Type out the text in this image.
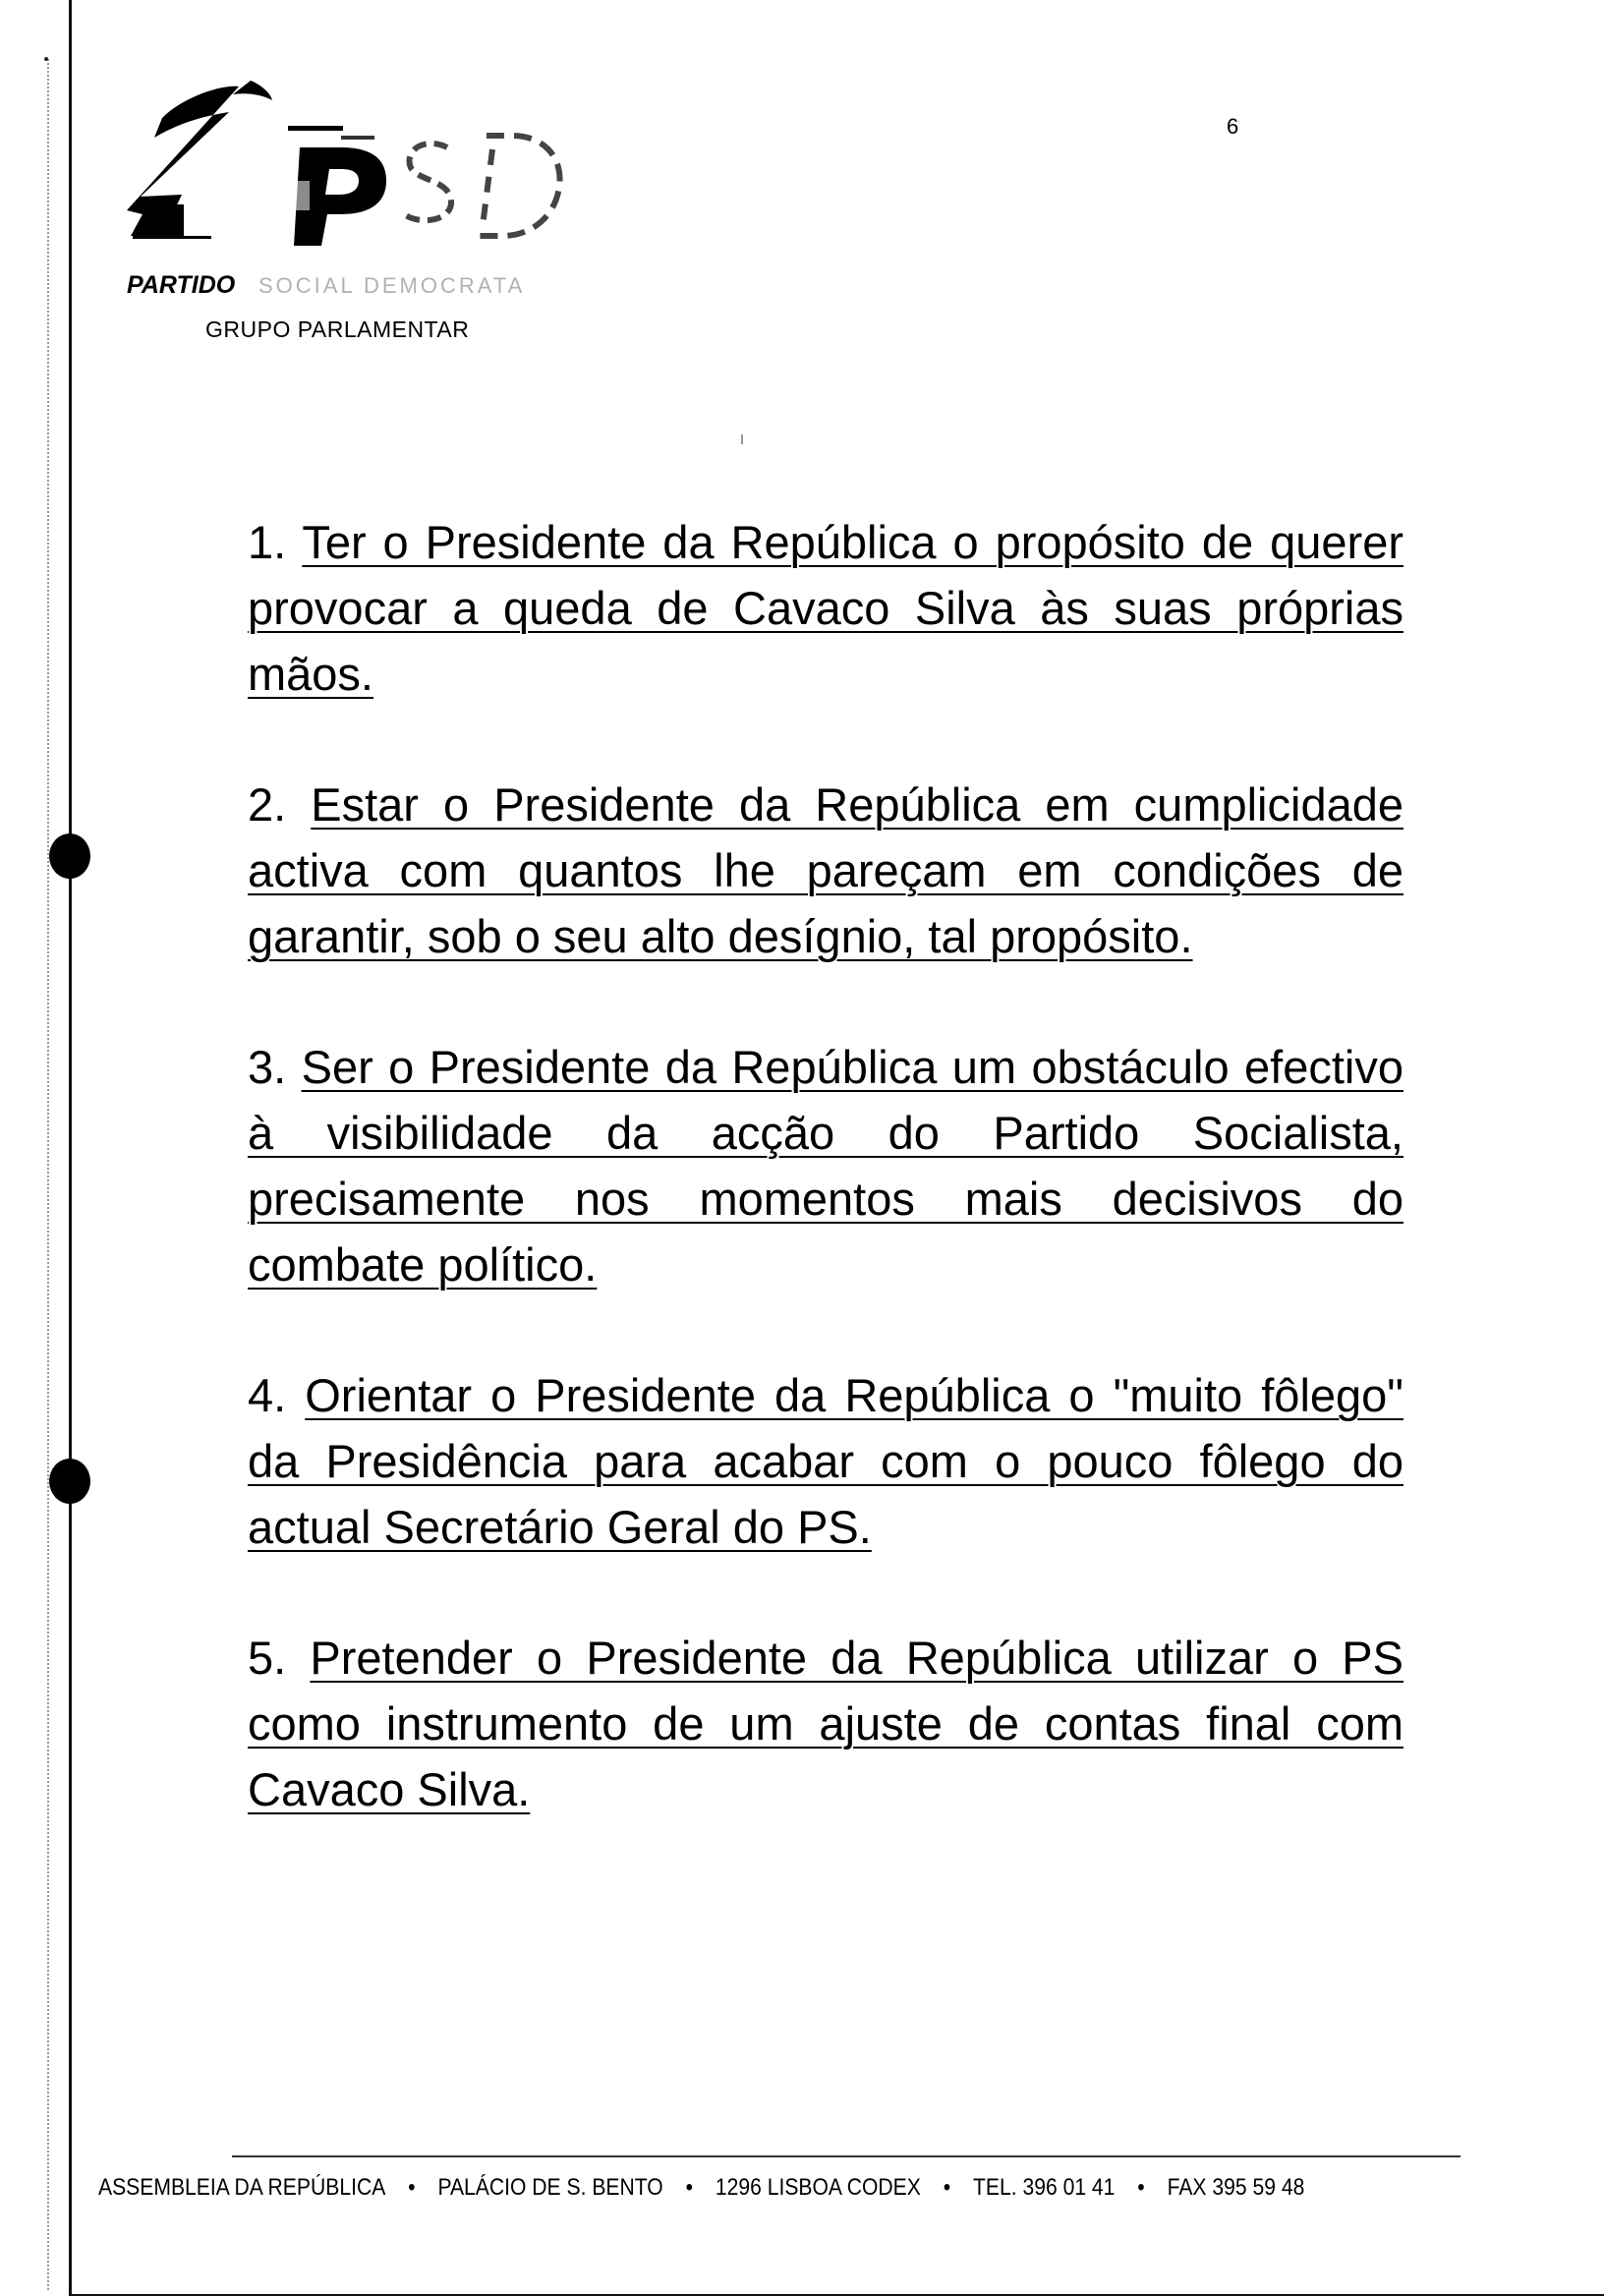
PARTIDO SOCIAL DEMOCRATA
GRUPO PARLAMENTAR
6
1. Ter o Presidente da República o propósito de querer provocar a queda de Cavaco Silva às suas próprias mãos.
2. Estar o Presidente da República em cumplicidade activa com quantos lhe pareçam em condições de garantir, sob o seu alto desígnio, tal propósito.
3. Ser o Presidente da República um obstáculo efectivo à visibilidade da acção do Partido Socialista, precisamente nos momentos mais decisivos do combate político.
4. Orientar o Presidente da República o "muito fôlego" da Presidência para acabar com o pouco fôlego do actual Secretário Geral do PS.
5. Pretender o Presidente da República utilizar o PS como instrumento de um ajuste de contas final com Cavaco Silva.
ASSEMBLEIA DA REPÚBLICA • PALÁCIO DE S. BENTO • 1296 LISBOA CODEX • TEL. 396 01 41 • FAX 395 59 48
